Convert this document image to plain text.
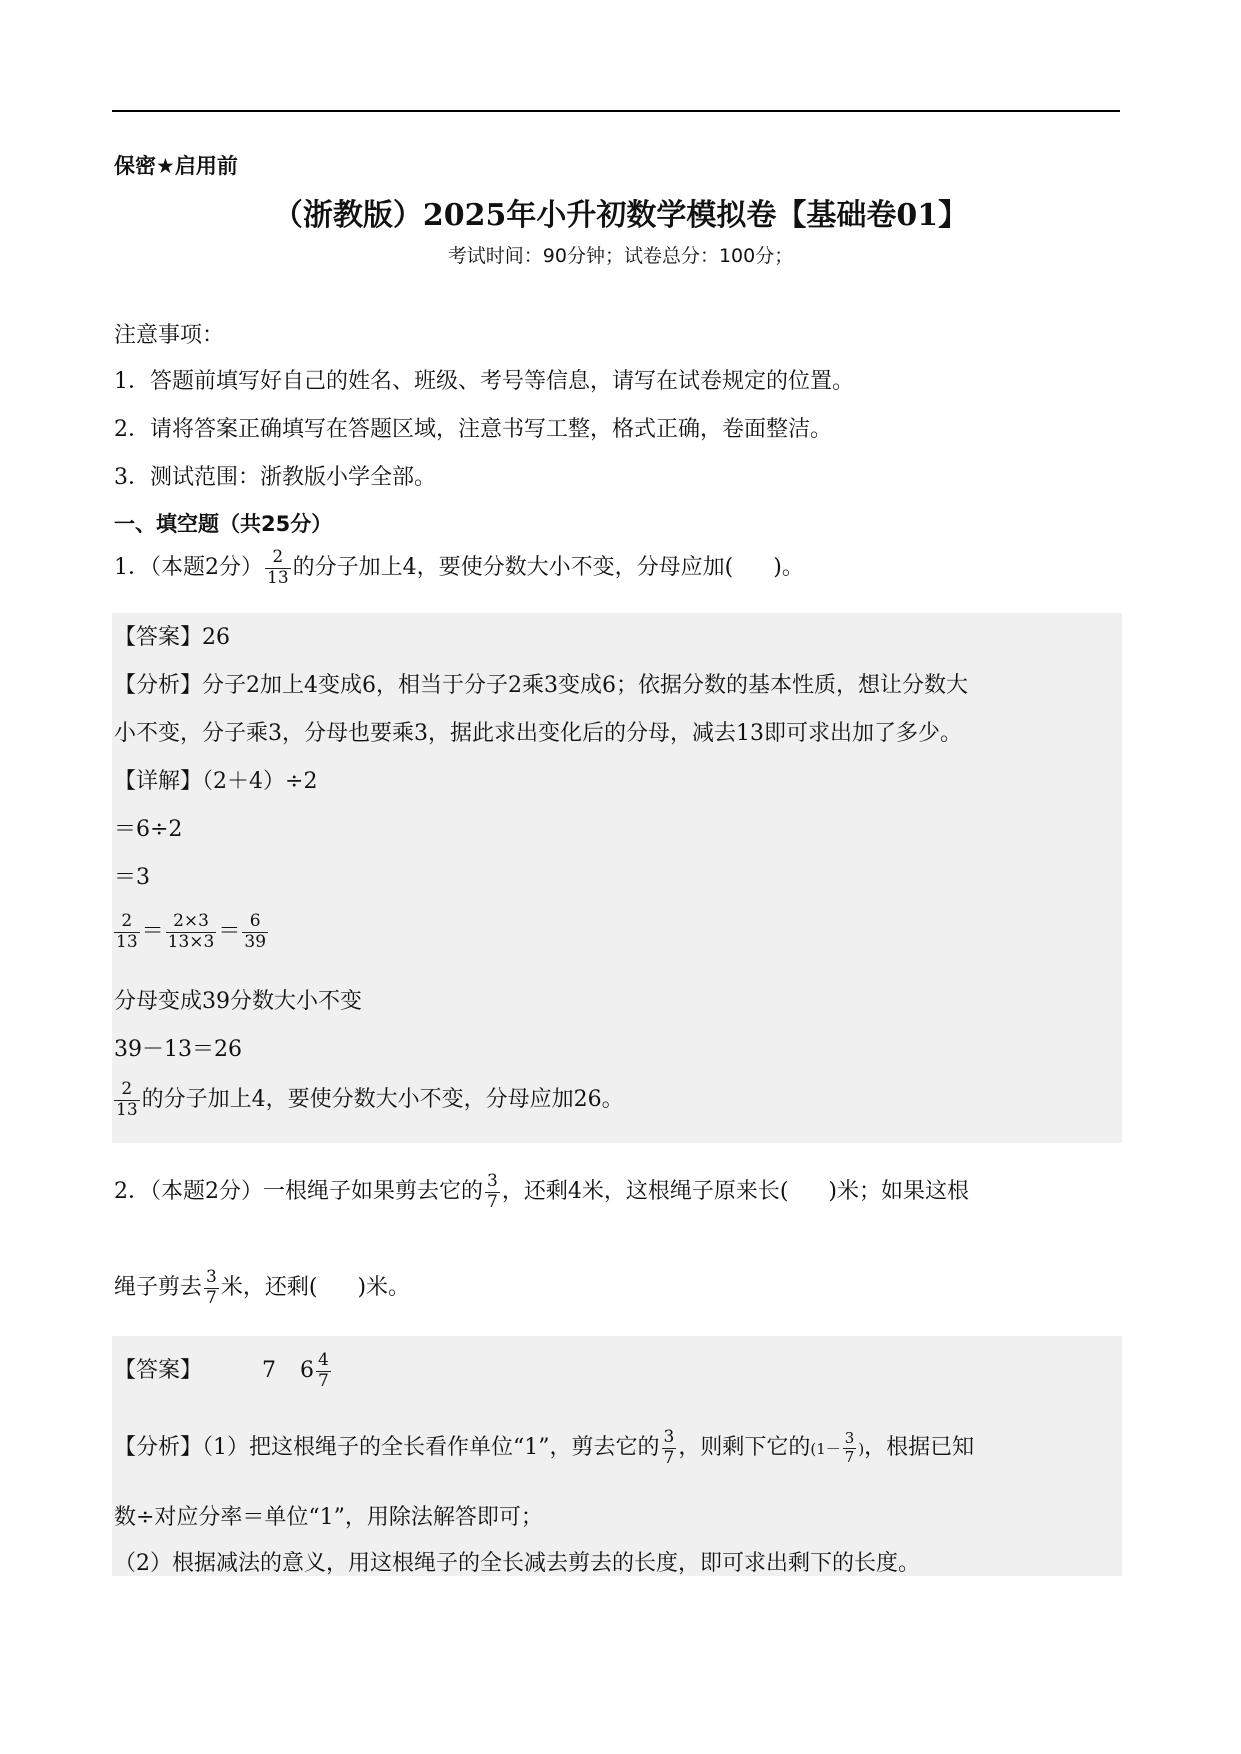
保密★启用前
（浙教版）2025年小升初数学模拟卷【基础卷01】
考试时间：90分钟；试卷总分：100分；
注意事项：
1．答题前填写好自己的姓名、班级、考号等信息，请写在试卷规定的位置。
2．请将答案正确填写在答题区域，注意书写工整，格式正确，卷面整洁。
3．测试范围：浙教版小学全部。
一、填空题（共25分）
1．（本题2分） $\frac{2}{13}$ 的分子加上4，要使分数大小不变，分母应加( )。
【答案】26
【分析】分子2加上4变成6，相当于分子2乘3变成6；依据分数的基本性质，想让分数大
小不变，分子乘3，分母也要乘3，据此求出变化后的分母，减去13即可求出加了多少。
【详解】（2＋4）÷2
＝6÷2
＝3
$\frac{2}{13} = \frac{2\times 3}{13\times 3} = \frac{6}{39}$
分母变成39分数大小不变
39－13＝26
$\frac{2}{13}$ 的分子加上4，要使分数大小不变，分母应加26。
2．（本题2分）一根绳子如果剪去它的 $\frac{3}{7}$ ，还剩4米，这根绳子原来长( )米；如果这根
绳子剪去 $\frac{3}{7}$ 米，还剩( )米。
【答案】	7 $6 \frac{4}{7}$
【分析】（1）把这根绳子的全长看作单位“1”，剪去它的 $\frac{3}{7}$ ，则剩下它的($1- \frac{3}{7}$ )，根据已知
数÷对应分率＝单位“1”，用除法解答即可；
（2）根据减法的意义，用这根绳子的全长减去剪去的长度，即可求出剩下的长度。
